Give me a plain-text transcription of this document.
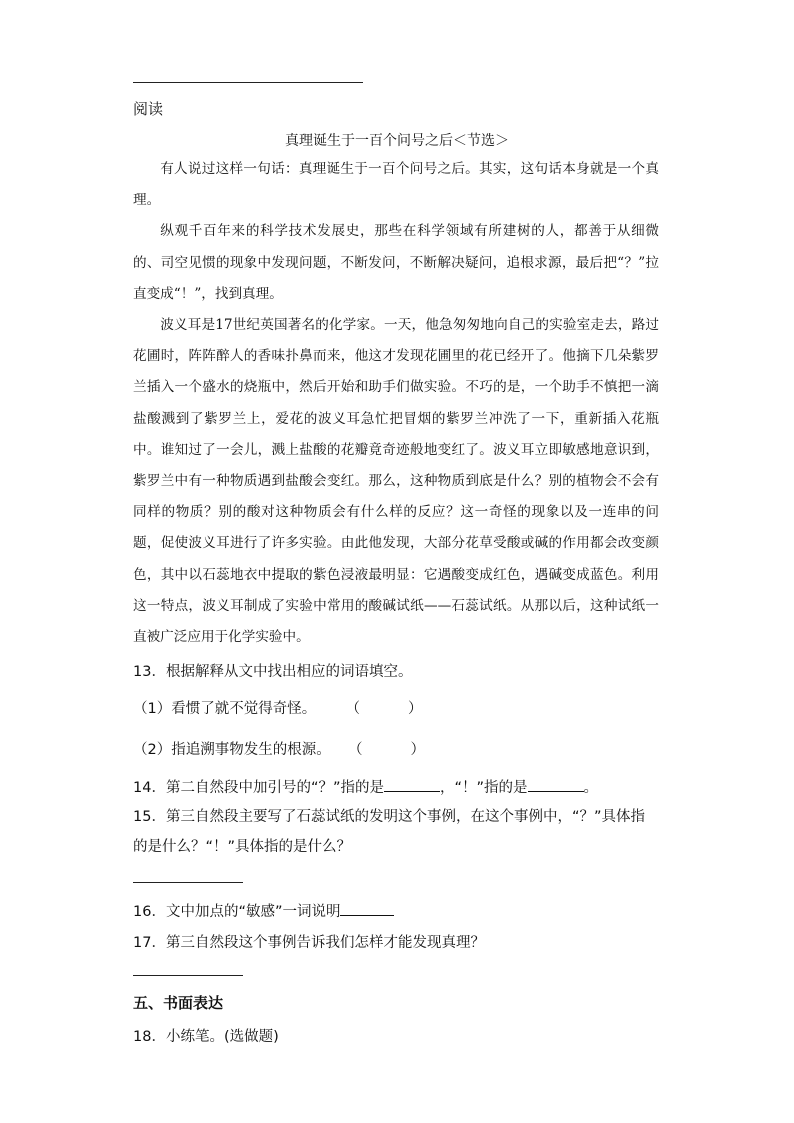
阅读
真理诞生于一百个问号之后＜节选＞

有人说过这样一句话：真理诞生于一百个问号之后。其实，这句话本身就是一个真理。

纵观千百年来的科学技术发展史，那些在科学领域有所建树的人，都善于从细微的、司空见惯的现象中发现问题，不断发问，不断解决疑问，追根求源，最后把“？”拉直变成“！”，找到真理。

波义耳是17世纪英国著名的化学家。一天，他急匆匆地向自己的实验室走去，路过花圃时，阵阵醉人的香味扑鼻而来，他这才发现花圃里的花已经开了。他摘下几朵紫罗兰插入一个盛水的烧瓶中，然后开始和助手们做实验。不巧的是，一个助手不慎把一滴盐酸溅到了紫罗兰上，爱花的波义耳急忙把冒烟的紫罗兰冲洗了一下，重新插入花瓶中。谁知过了一会儿，溅上盐酸的花瓣竟奇迹般地变红了。波义耳立即敏感地意识到，紫罗兰中有一种物质遇到盐酸会变红。那么，这种物质到底是什么？别的植物会不会有同样的物质？别的酸对这种物质会有什么样的反应？这一奇怪的现象以及一连串的问题，促使波义耳进行了许多实验。由此他发现，大部分花草受酸或碱的作用都会改变颜色，其中以石蕊地衣中提取的紫色浸液最明显：它遇酸变成红色，遇碱变成蓝色。利用这一特点，波义耳制成了实验中常用的酸碱试纸——石蕊试纸。从那以后，这种试纸一直被广泛应用于化学实验中。

13．根据解释从文中找出相应的词语填空。
（1）看惯了就不觉得奇怪。 （	）
（2）指追溯事物发生的根源。 （	）
14．第二自然段中加引号的“？”指的是	，“！”指的是	。
15．第三自然段主要写了石蕊试纸的发明这个事例，在这个事例中，“？”具体指的是什么？“！”具体指的是什么？
16．文中加点的“敏感”一词说明
17．第三自然段这个事例告诉我们怎样才能发现真理？
五、书面表达
18．小练笔。(选做题)
